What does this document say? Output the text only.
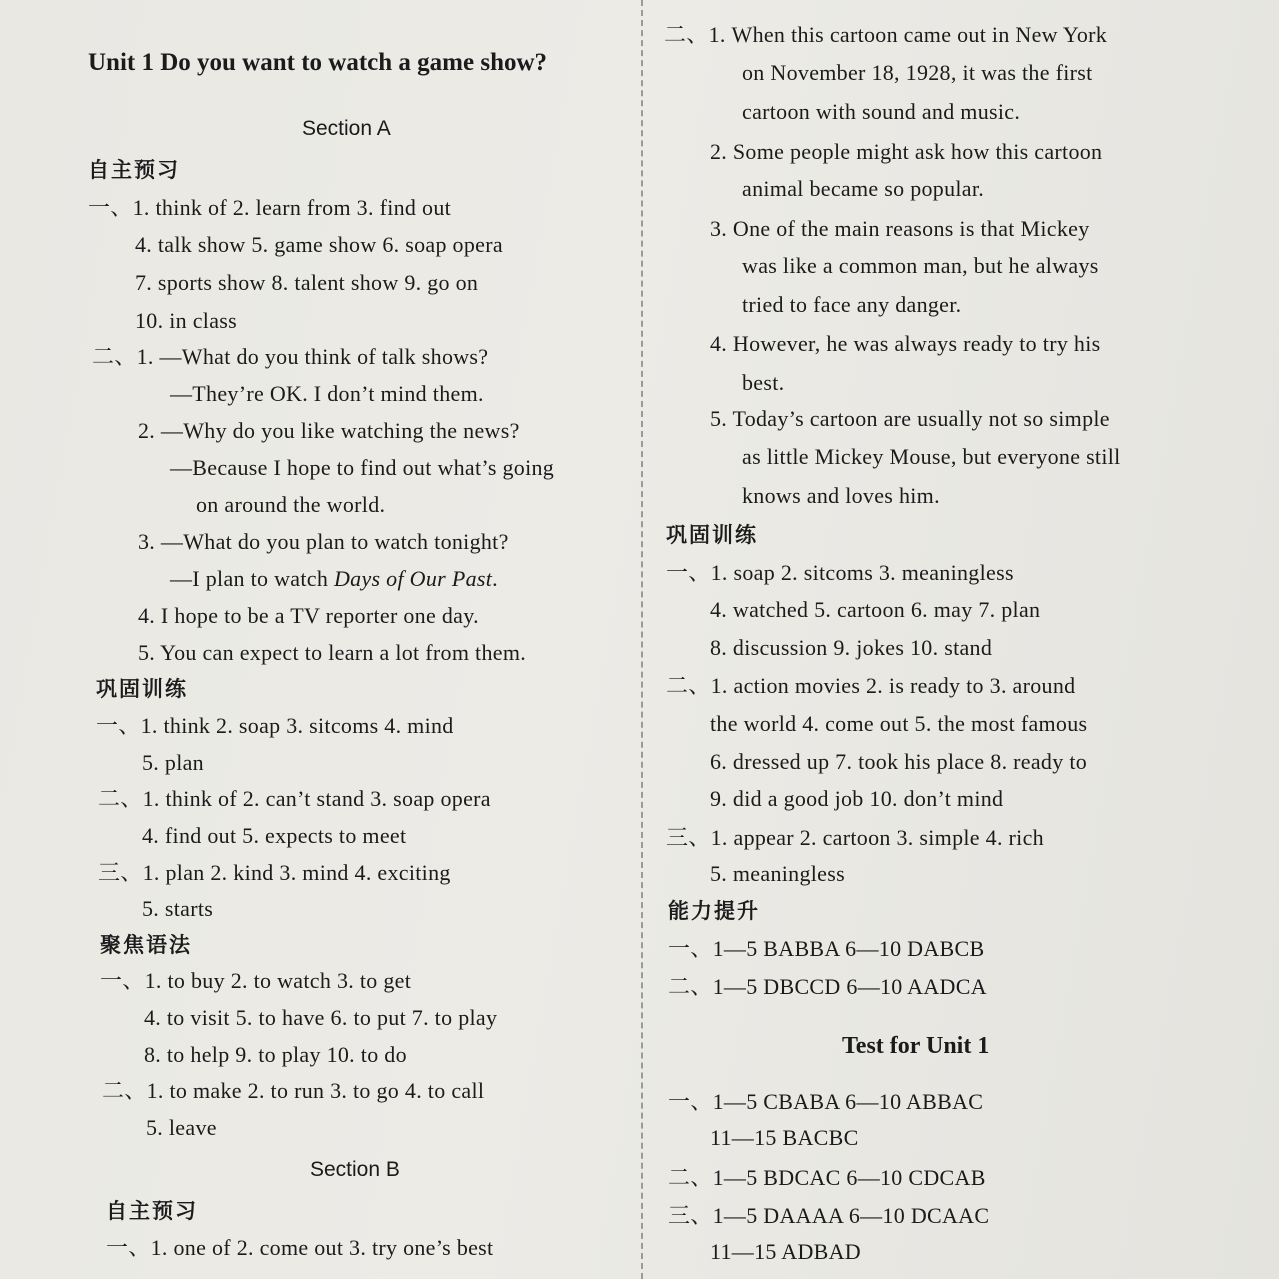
Unit 1 Do you want to watch a game show?
Section A
自主预习
一、1. think of 2. learn from 3. find out
4. talk show 5. game show 6. soap opera
7. sports show 8. talent show 9. go on
10. in class
二、1. —What do you think of talk shows?
—They’re OK. I don’t mind them.
2. —Why do you like watching the news?
—Because I hope to find out what’s going
on around the world.
3. —What do you plan to watch tonight?
—I plan to watch Days of Our Past.
4. I hope to be a TV reporter one day.
5. You can expect to learn a lot from them.
巩固训练
一、1. think 2. soap 3. sitcoms 4. mind
5. plan
二、1. think of 2. can’t stand 3. soap opera
4. find out 5. expects to meet
三、1. plan 2. kind 3. mind 4. exciting
5. starts
聚焦语法
一、1. to buy 2. to watch 3. to get
4. to visit 5. to have 6. to put 7. to play
8. to help 9. to play 10. to do
二、1. to make 2. to run 3. to go 4. to call
5. leave
Section B
自主预习
一、1. one of 2. come out 3. try one’s best
二、1. When this cartoon came out in New York
on November 18, 1928, it was the first
cartoon with sound and music.
2. Some people might ask how this cartoon
animal became so popular.
3. One of the main reasons is that Mickey
was like a common man, but he always
tried to face any danger.
4. However, he was always ready to try his
best.
5. Today’s cartoon are usually not so simple
as little Mickey Mouse, but everyone still
knows and loves him.
巩固训练
一、1. soap 2. sitcoms 3. meaningless
4. watched 5. cartoon 6. may 7. plan
8. discussion 9. jokes 10. stand
二、1. action movies 2. is ready to 3. around
the world 4. come out 5. the most famous
6. dressed up 7. took his place 8. ready to
9. did a good job 10. don’t mind
三、1. appear 2. cartoon 3. simple 4. rich
5. meaningless
能力提升
一、1—5 BABBA 6—10 DABCB
二、1—5 DBCCD 6—10 AADCA
Test for Unit 1
一、1—5 CBABA 6—10 ABBAC
11—15 BACBC
二、1—5 BDCAC 6—10 CDCAB
三、1—5 DAAAA 6—10 DCAAC
11—15 ADBAD
